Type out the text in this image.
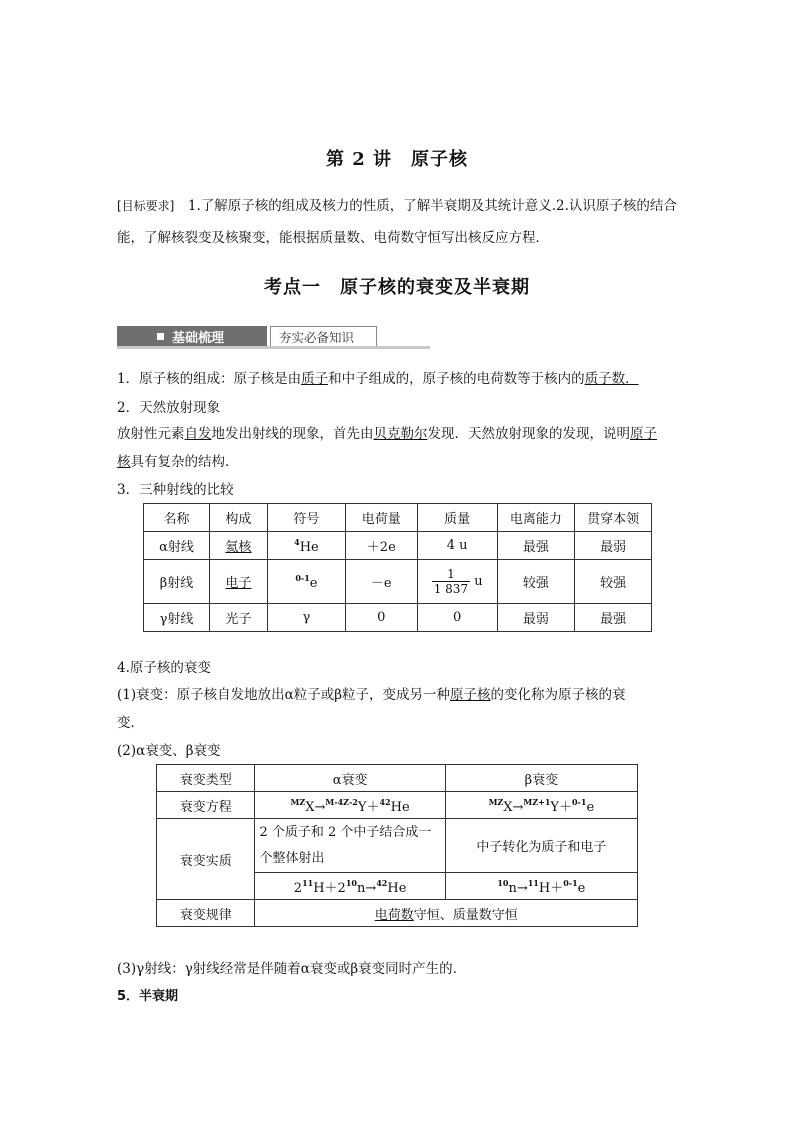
第 2 讲　原子核
[目标要求]　1.了解原子核的组成及核力的性质，了解半衰期及其统计意义.2.认识原子核的结合能，了解核裂变及核聚变，能根据质量数、电荷数守恒写出核反应方程．
考点一　原子核的衰变及半衰期
基础梳理	夯实必备知识
1．原子核的组成：原子核是由质子和中子组成的，原子核的电荷数等于核内的质子数．
2．天然放射现象
放射性元素自发地发出射线的现象，首先由贝克勒尔发现．天然放射现象的发现，说明原子
核具有复杂的结构．
3．三种射线的比较
名称	构成	符号	电荷量	质量	电离能力	贯穿本领
α射线	氦核	$^4$He	＋2e	4 u	最强	最弱
β射线	电子	$^{0-1}$e	－e	$\frac{1}{1 837}$ u	较强	较强
γ射线	光子	γ	0	0	最弱	最强
4.原子核的衰变
(1)衰变：原子核自发地放出α粒子或β粒子，变成另一种原子核的变化称为原子核的衰
变．
(2)α衰变、β衰变
衰变类型	α衰变	β衰变
衰变方程	$^{MZ}$X→$^{M-4Z-2}$Y＋$^{42}$He	$^{MZ}$X→$^{MZ+1}$Y＋$^{0-1}$e
衰变实质	2 个质子和 2 个中子结合成一
个整体射出	中子转化为质子和电子
	$2^{11}H+2^{10}n\to^{42}He$	$^{10}$n→$^{11}$H＋$^{0-1}$e
衰变规律	电荷数守恒、质量数守恒	
(3)γ射线：γ射线经常是伴随着α衰变或β衰变同时产生的．
5．半衰期
